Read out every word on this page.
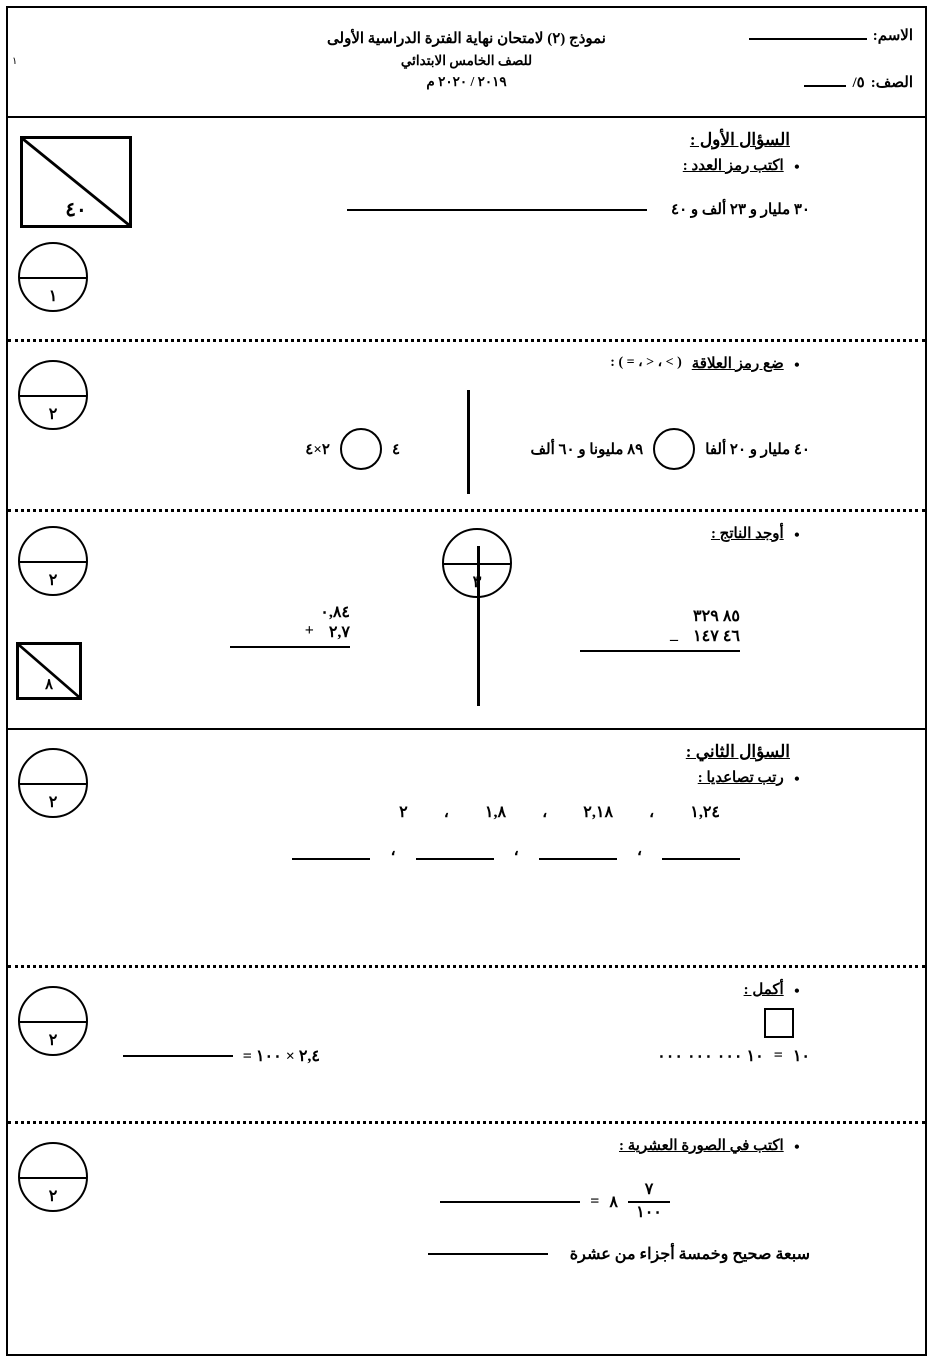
نموذج (٢) لامتحان نهاية الفترة الدراسية الأولى
للصف الخامس الابتدائي
٢٠١٩ / ٢٠٢٠ م
الاسم:
الصف:
٥/
١
٤٠
١
السؤال الأول :
•
اكتب رمز العدد :
٣٠ مليار و ٢٣ ألف و ٤٠
٢
•
ضع رمز العلاقة
( > ، < ، = ) :
٤٠ مليار و ٢٠ ألفا
٨٩ مليونا و ٦٠ ألف
٤
٢×٤
٢
٨
•
أوجد الناتج :
٣
٨٥ ٣٢٩
_ ٤٦ ١٤٧
٠,٨٤
+ ٢,٧
٢
السؤال الثاني :
•
رتب تصاعديا :
١,٢٤
،
٢,١٨
،
١,٨
،
٢
،
،
،
٢
•
أكمل :
١٠
=
١٠ ٠٠٠ ٠٠٠ ٠٠٠
٢,٤ × ١٠٠ =
٢
•
اكتب في الصورة العشرية :
$\frac{٧}{١٠٠}$
٨
=
سبعة صحيح وخمسة أجزاء من عشرة
